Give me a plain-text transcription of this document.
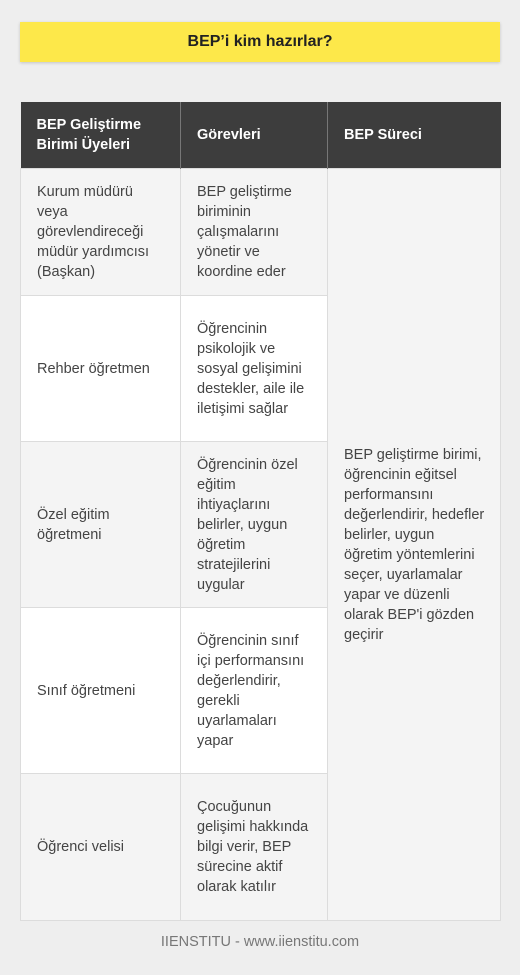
BEP’i kim hazırlar?
BEP Geliştirme Birimi Üyeleri	Görevleri	BEP Süreci
Kurum müdürü veya görevlendireceği müdür yardımcısı (Başkan)	BEP geliştirme biriminin çalışmalarını yönetir ve koordine eder	BEP geliştirme birimi, öğrencinin eğitsel performansını değerlendirir, hedefler belirler, uygun öğretim yöntemlerini seçer, uyarlamalar yapar ve düzenli olarak BEP'i gözden geçirir
Rehber öğretmen	Öğrencinin psikolojik ve sosyal gelişimini destekler, aile ile iletişimi sağlar	
Özel eğitim öğretmeni	Öğrencinin özel eğitim ihtiyaçlarını belirler, uygun öğretim stratejilerini uygular	
Sınıf öğretmeni	Öğrencinin sınıf içi performansını değerlendirir, gerekli uyarlamaları yapar	
Öğrenci velisi	Çocuğunun gelişimi hakkında bilgi verir, BEP sürecine aktif olarak katılır	
IIENSTITU - www.iienstitu.com
